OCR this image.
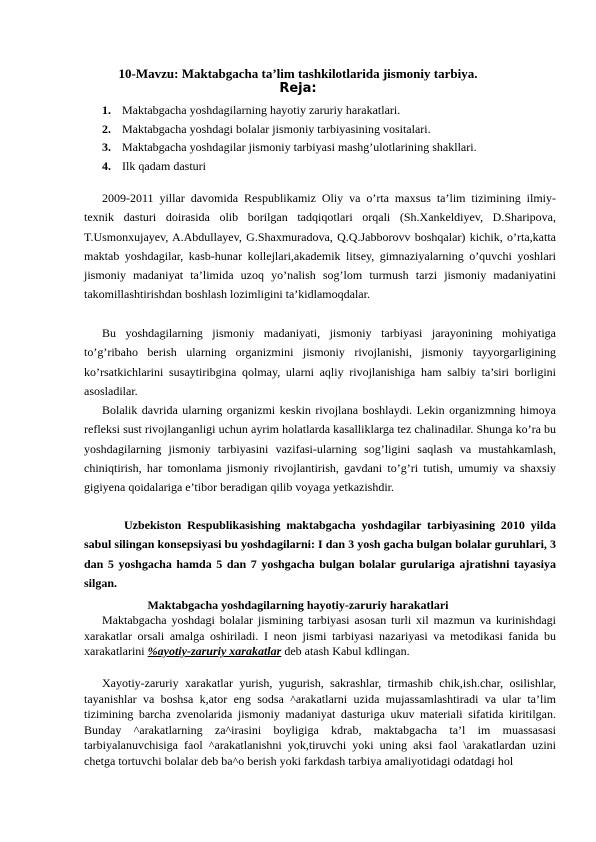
10-Mavzu: Maktabgacha ta’lim tashkilotlarida jismoniy tarbiya.
Reja:
1. Maktabgacha yoshdagilarning hayotiy zaruriy harakatlari.
2. Maktabgacha yoshdagi bolalar jismoniy tarbiyasining vositalari.
3. Maktabgacha yoshdagilar jismoniy tarbiyasi mashg’ulotlarining shakllari.
4. Ilk qadam dasturi

2009-2011 yillar davomida Respublikamiz Oliy va o’rta maxsus ta’lim tizimining ilmiy-texnik dasturi doirasida olib borilgan tadqiqotlari orqali (Sh.Xankeldiyev, D.Sharipova, T.Usmonxujayev, A.Abdullayev, G.Shaxmuradova, Q.Q.Jabborovv boshqalar) kichik, o’rta,katta maktab yoshdagilar, kasb-hunar kollejlari,akademik litsey, gimnaziyalarning o’quvchi yoshlari jismoniy madaniyat ta’limida uzoq yo’nalish sog’lom turmush tarzi jismoniy madaniyatini takomillashtirishdan boshlash lozimligini ta’kidlamoqdalar.

Bu yoshdagilarning jismoniy madaniyati, jismoniy tarbiyasi jarayonining mohiyatiga to’g’ribaho berish ularning organizmini jismoniy rivojlanishi, jismoniy tayyorgarligining ko’rsatkichlarini susaytiribgina qolmay, ularni aqliy rivojlanishiga ham salbiy ta’siri borligini asosladilar.

Bolalik davrida ularning organizmi keskin rivojlana boshlaydi. Lekin organizmning himoya refleksi sust rivojlanganligi uchun ayrim holatlarda kasalliklarga tez chalinadilar. Shunga ko’ra bu yoshdagilarning jismoniy tarbiyasini vazifasi-ularning sog’ligini saqlash va mustahkamlash, chiniqtirish, har tomonlama jismoniy rivojlantirish, gavdani to’g’ri tutish, umumiy va shaxsiy gigiyena qoidalariga e’tibor beradigan qilib voyaga yetkazishdir.

Uzbekiston Respublikasishing maktabgacha yoshdagilar tarbiyasining 2010 yilda sabul silingan konsepsiyasi bu yoshdagilarni: I dan 3 yosh gacha bulgan bolalar guruhlari, 3 dan 5 yoshgacha hamda 5 dan 7 yoshgacha bulgan bolalar gurulariga ajratishni tayasiya silgan.

Maktabgacha yoshdagilarning hayotiy-zaruriy harakatlari

Maktabgacha yoshdagi bolalar jismining tarbiyasi asosan turli xil mazmun va kurinishdagi xarakatlar orsali amalga oshiriladi. I neon jismi tarbiyasi nazariyasi va metodikasi fanida bu xarakatlarini %ayotiy-zaruriy xarakatlar deb atash Kabul kdlingan.

Xayotiy-zaruriy xarakatlar yurish, yugurish, sakrashlar, tirmashib chik,ish.char, osilishlar, tayanishlar va boshsa k,ator eng sodsa ^arakatlarni uzida mujassamlashtiradi va ular ta’lim tizimining barcha zvenolarida jismoniy madaniyat dasturiga ukuv materiali sifatida kiritilgan. Bunday ^arakatlarning za^irasini boyligiga kdrab, maktabgacha ta’l im muassasasi tarbiyalanuvchisiga faol ^arakatlanishni yok,tiruvchi yoki uning aksi faol \arakatlardan uzini chetga tortuvchi bolalar deb ba^o berish yoki farkdash tarbiya amaliyotidagi odatdagi hol
